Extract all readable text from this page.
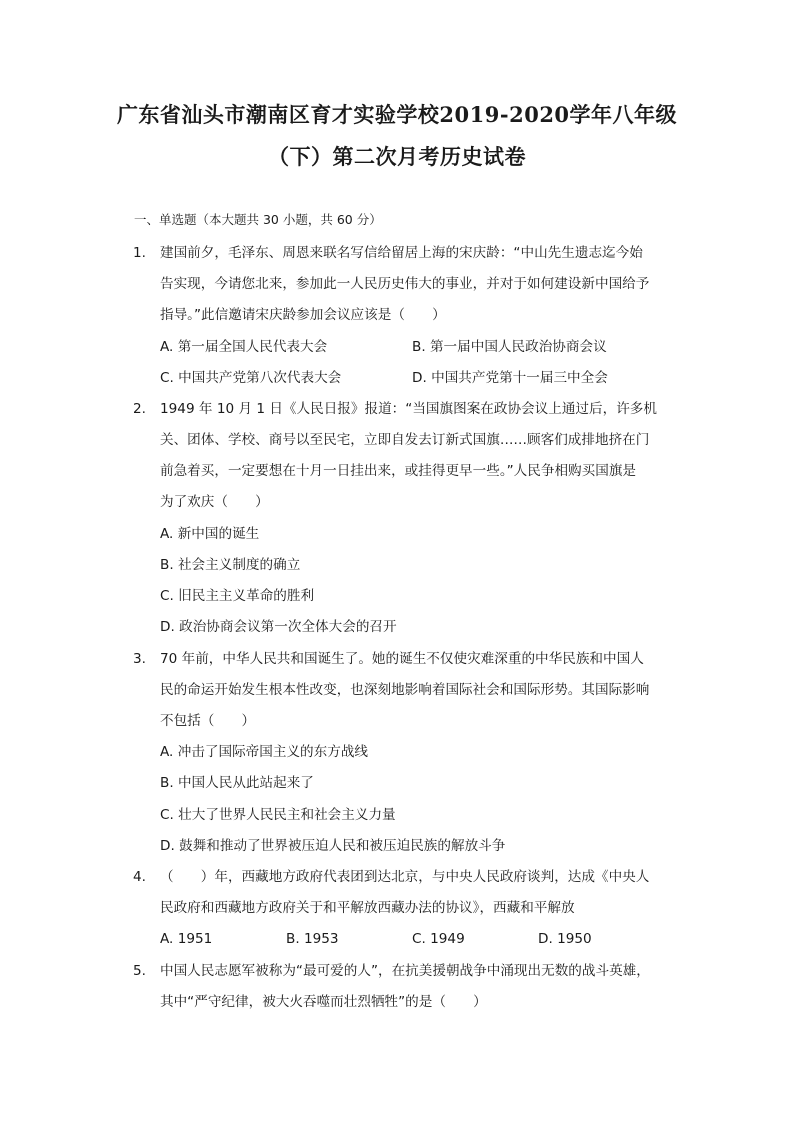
广东省汕头市潮南区育才实验学校2019-2020学年八年级
（下）第二次月考历史试卷
一、单选题（本大题共 30 小题，共 60 分）
1. 建国前夕，毛泽东、周恩来联名写信给留居上海的宋庆龄：“中山先生遗志迄今始
告实现，今请您北来，参加此一人民历史伟大的事业，并对于如何建设新中国给予
指导。”此信邀请宋庆龄参加会议应该是（　　）
A. 第一届全国人民代表大会	B. 第一届中国人民政治协商会议
C. 中国共产党第八次代表大会	D. 中国共产党第十一届三中全会
2. 1949 年 10 月 1 日《人民日报》报道：“当国旗图案在政协会议上通过后，许多机
关、团体、学校、商号以至民宅，立即自发去订新式国旗……顾客们成排地挤在门
前急着买，一定要想在十月一日挂出来，或挂得更早一些。”人民争相购买国旗是
为了欢庆（　　）
A. 新中国的诞生
B. 社会主义制度的确立
C. 旧民主主义革命的胜利
D. 政治协商会议第一次全体大会的召开
3. 70 年前，中华人民共和国诞生了。她的诞生不仅使灾难深重的中华民族和中国人
民的命运开始发生根本性改变，也深刻地影响着国际社会和国际形势。其国际影响
不包括（　　）
A. 冲击了国际帝国主义的东方战线
B. 中国人民从此站起来了
C. 壮大了世界人民民主和社会主义力量
D. 鼓舞和推动了世界被压迫人民和被压迫民族的解放斗争
4. （　　）年，西藏地方政府代表团到达北京，与中央人民政府谈判，达成《中央人
民政府和西藏地方政府关于和平解放西藏办法的协议》，西藏和平解放
A. 1951	B. 1953	C. 1949	D. 1950
5. 中国人民志愿军被称为“最可爱的人”，在抗美援朝战争中涌现出无数的战斗英雄，
其中“严守纪律，被大火吞噬而壮烈牺牲”的是（　　）
